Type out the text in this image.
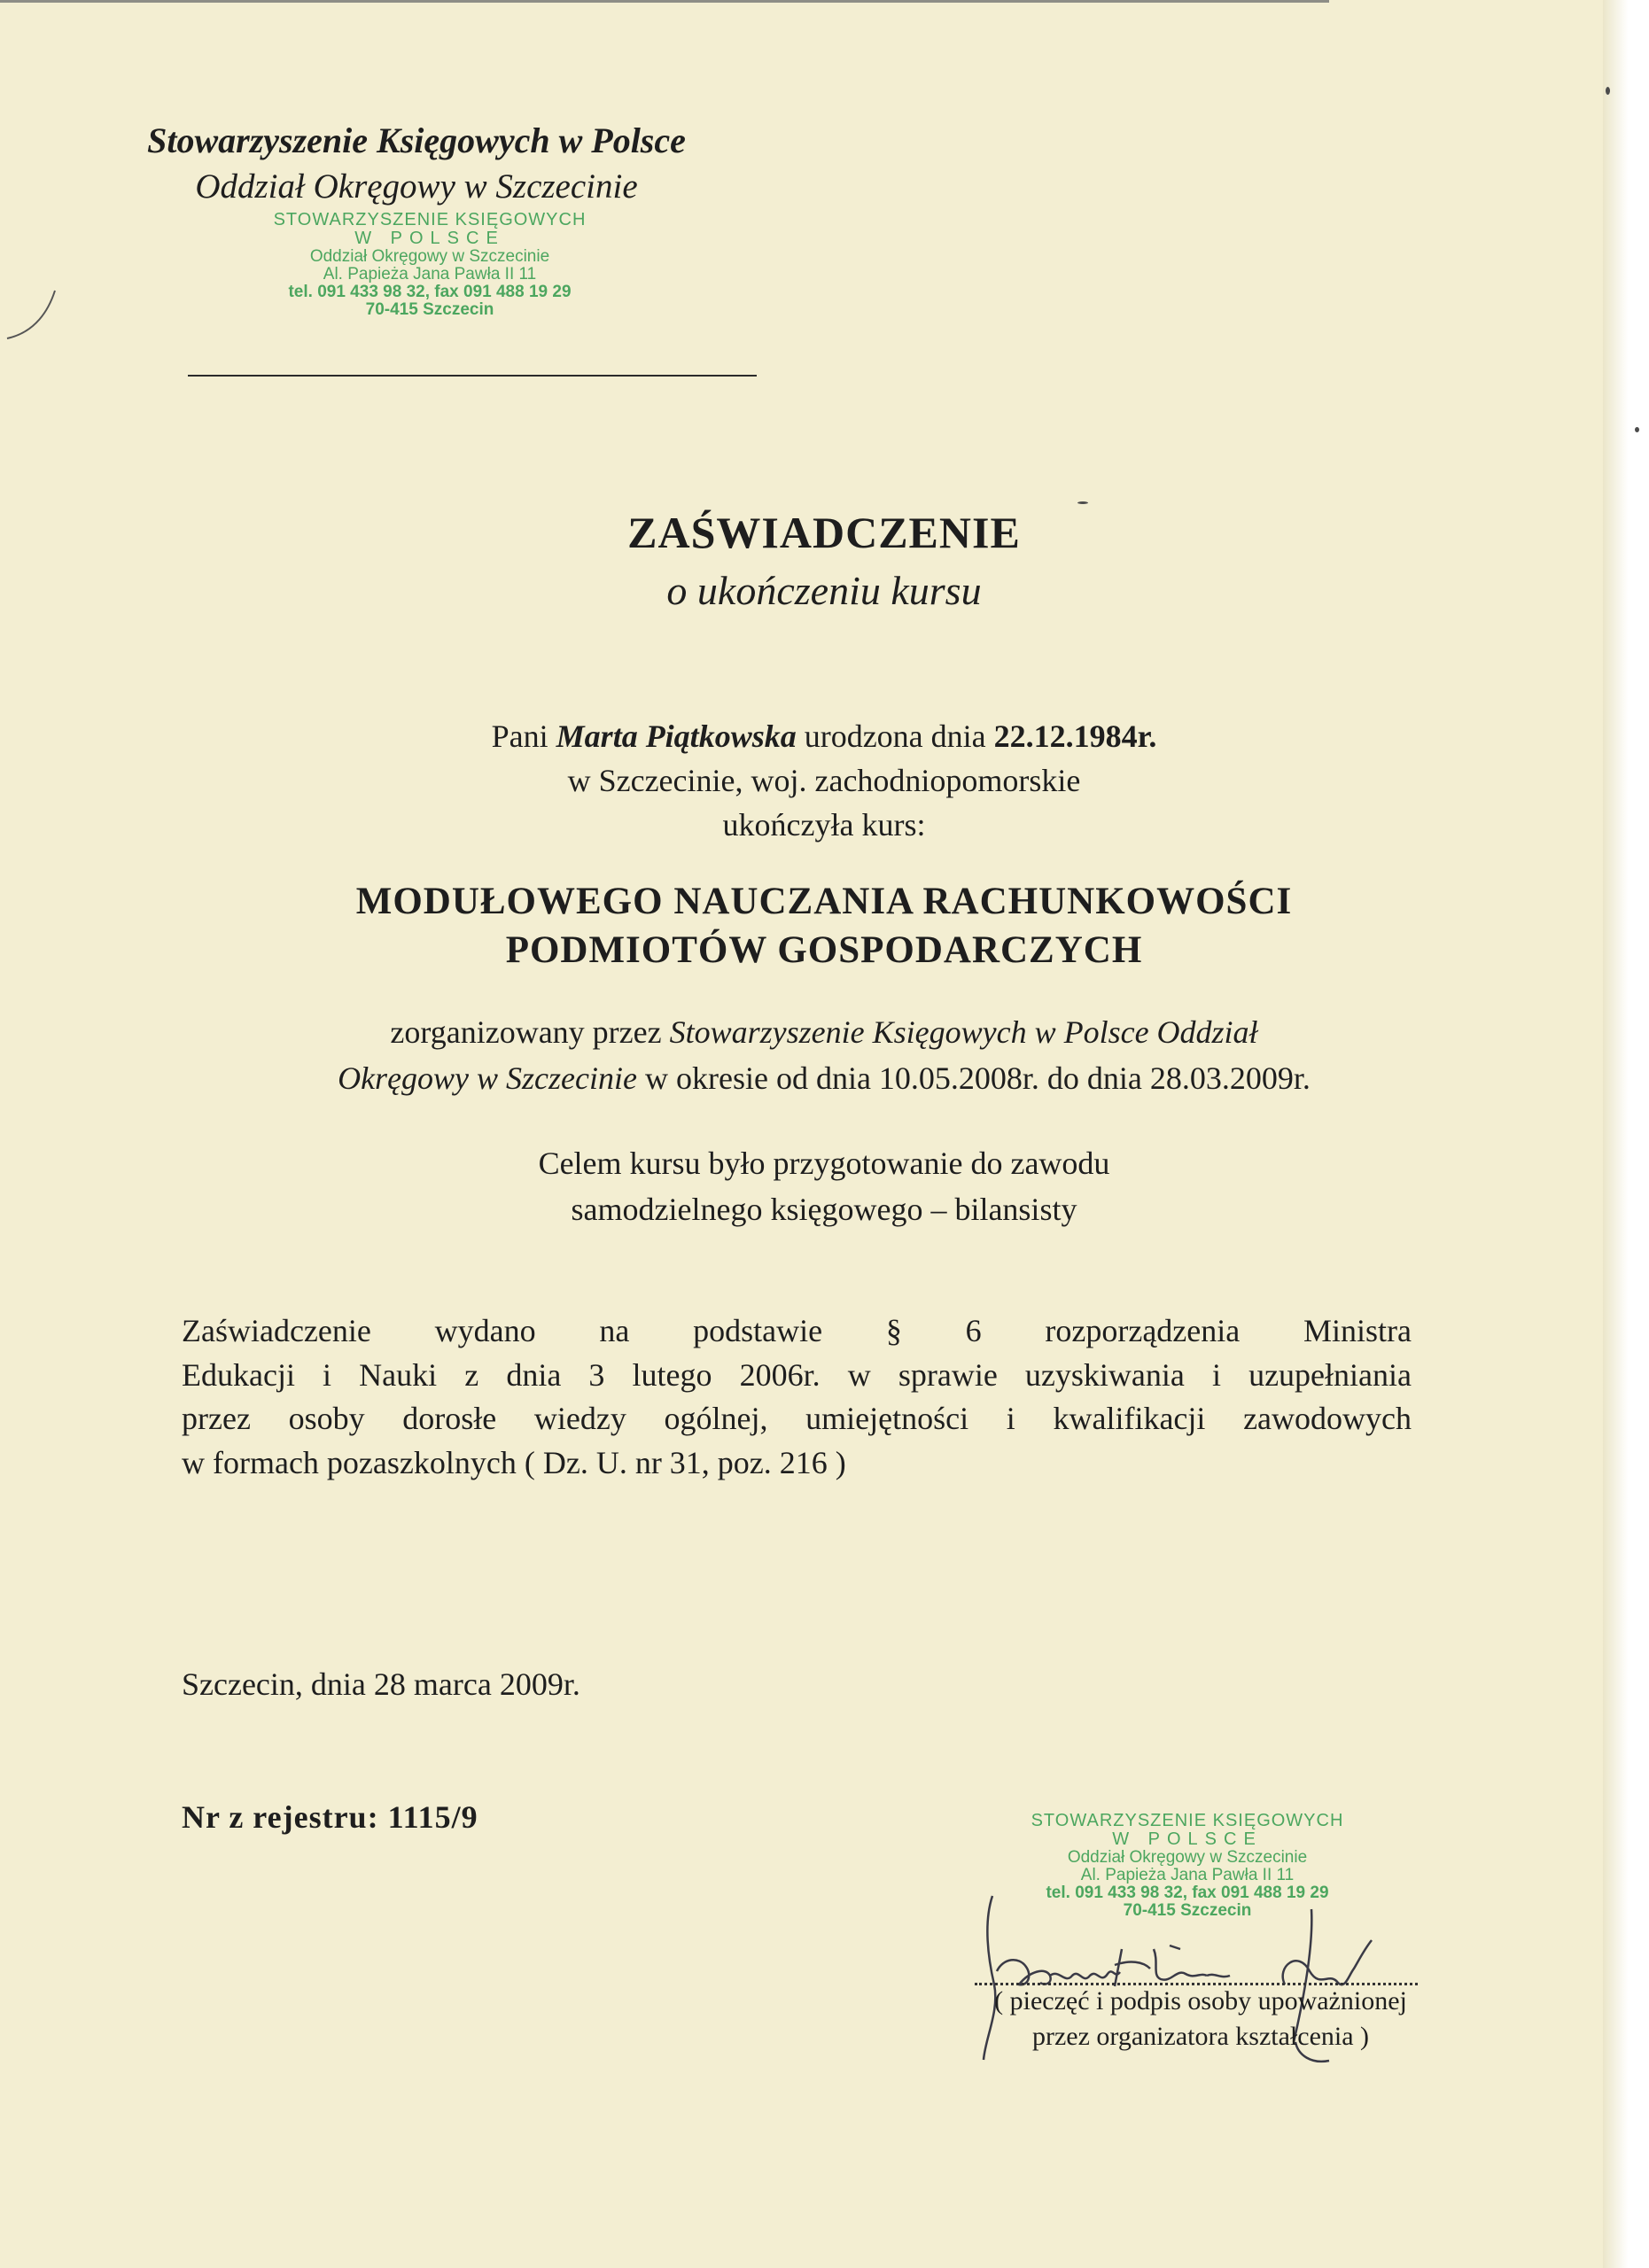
Stowarzyszenie Księgowych w Polsce
Oddział Okręgowy w Szczecinie
STOWARZYSZENIE KSIĘGOWYCH
W POLSCE
Oddział Okręgowy w Szczecinie
Al. Papieża Jana Pawła II 11
tel. 091 433 98 32, fax 091 488 19 29
70-415 Szczecin
ZAŚWIADCZENIE
o ukończeniu kursu
Pani Marta Piątkowska urodzona dnia 22.12.1984r.
w Szczecinie, woj. zachodniopomorskie
ukończyła kurs:
MODUŁOWEGO NAUCZANIA RACHUNKOWOŚCI
PODMIOTÓW GOSPODARCZYCH
zorganizowany przez Stowarzyszenie Księgowych w Polsce Oddział
Okręgowy w Szczecinie w okresie od dnia 10.05.2008r. do dnia 28.03.2009r.
Celem kursu było przygotowanie do zawodu
samodzielnego księgowego – bilansisty
Zaświadczenie wydano na podstawie § 6 rozporządzenia Ministra
Edukacji i Nauki z dnia 3 lutego 2006r. w sprawie uzyskiwania i uzupełniania
przez osoby dorosłe wiedzy ogólnej, umiejętności i kwalifikacji zawodowych
w formach pozaszkolnych ( Dz. U. nr 31, poz. 216 )
Szczecin, dnia 28 marca 2009r.
Nr z rejestru: 1115/9	STOWARZYSZENIE KSIĘGOWYCH
W POLSCE
Oddział Okręgowy w Szczecinie
Al. Papieża Jana Pawła II 11
tel. 091 433 98 32, fax 091 488 19 29
70-415 Szczecin
( pieczęć i podpis osoby upoważnionej
przez organizatora kształcenia )
